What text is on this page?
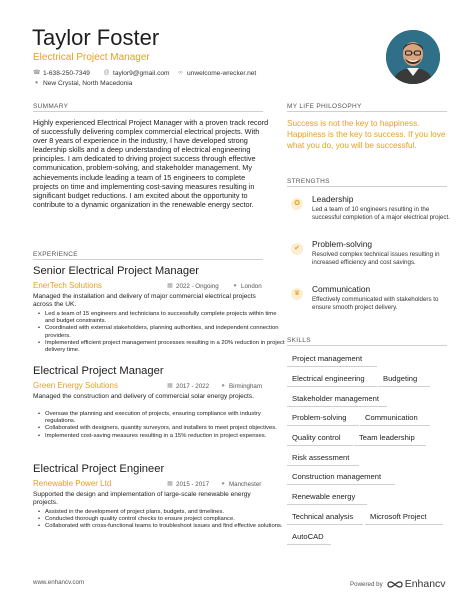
Taylor Foster
Electrical Project Manager
☎ 1-638-250-7349 @ taylor9@gmail.com ∞ unwelcome-wrecker.net
● New Crystal, North Macedonia
SUMMARY
Highly experienced Electrical Project Manager with a proven track record of successfully delivering complex commercial electrical projects. With over 8 years of experience in the industry, I have developed strong leadership skills and a deep understanding of electrical engineering principles. I am dedicated to driving project success through effective communication, problem-solving, and stakeholder management. My achievements include leading a team of 15 engineers to complete projects on time and implementing cost-saving measures resulting in significant budget reductions. I am excited about the opportunity to contribute to a dynamic organization in the renewable energy sector.
EXPERIENCE
Senior Electrical Project Manager
EnerTech Solutions	▦ 2022 - Ongoing ● London
Managed the installation and delivery of major commercial electrical projects across the UK.
• Led a team of 15 engineers and technicians to successfully complete projects within time and budget constraints.
• Coordinated with external stakeholders, planning authorities, and independent connection providers.
• Implemented efficient project management processes resulting in a 20% reduction in project delivery time.
Electrical Project Manager
Green Energy Solutions	▦ 2017 - 2022 ● Birmingham
Managed the construction and delivery of commercial solar energy projects.
• Oversaw the planning and execution of projects, ensuring compliance with industry regulations.
• Collaborated with designers, quantity surveyors, and installers to meet project objectives.
• Implemented cost-saving measures resulting in a 15% reduction in project expenses.
Electrical Project Engineer
Renewable Power Ltd	▦ 2015 - 2017 ● Manchester
Supported the design and implementation of large-scale renewable energy projects.
• Assisted in the development of project plans, budgets, and timelines.
• Conducted thorough quality control checks to ensure project compliance.
• Collaborated with cross-functional teams to troubleshoot issues and find effective solutions.
MY LIFE PHILOSOPHY
Success is not the key to happiness. Happiness is the key to success. If you love what you do, you will be successful.
STRENGTHS
✪	Leadership
Led a team of 10 engineers resulting in the successful completion of a major electrical project.
✔	Problem-solving
Resolved complex technical issues resulting in increased efficiency and cost savings.
♛	Communication
Effectively communicated with stakeholders to ensure smooth project delivery.
SKILLS
Project management
Electrical engineering Budgeting
Stakeholder management
Problem-solving Communication
Quality control Team leadership
Risk assessment
Construction management
Renewable energy
Technical analysis Microsoft Project
AutoCAD
www.enhancv.com	Powered by Enhancv
